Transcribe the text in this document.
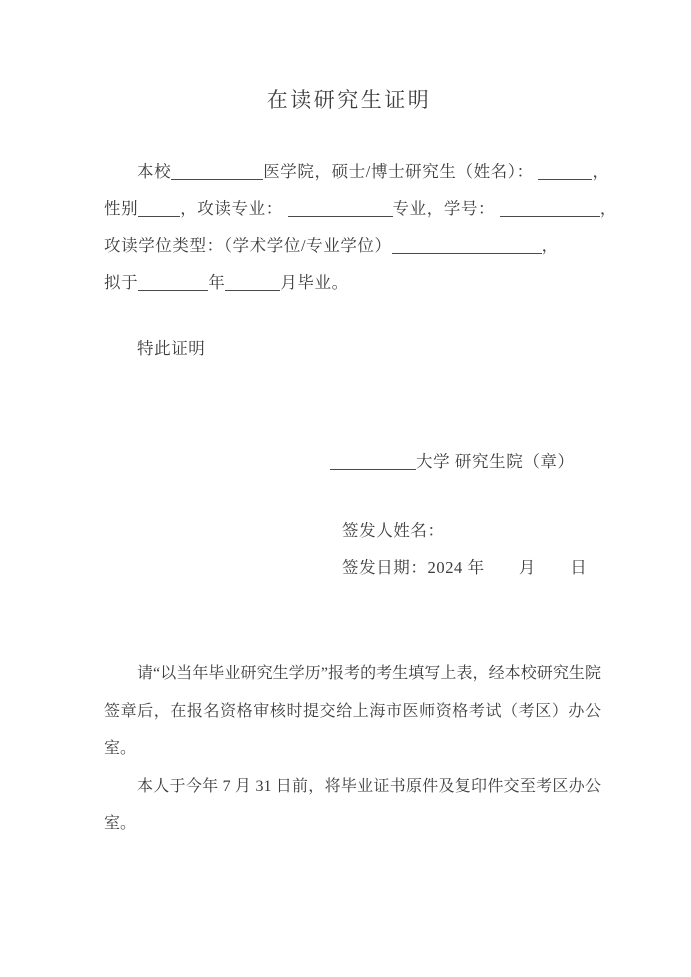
在读研究生证明
本校	医学院，硕士/博士研究生（姓名）：	，
性别	，攻读专业：	专业，学号：	，
攻读学位类型：（学术学位/专业学位）	，
拟于	年	月毕业。
特此证明
大学 研究生院（章）
签发人姓名：
签发日期：2024 年　　月　　日

请“以当年毕业研究生学历”报考的考生填写上表，经本校研究生院签章后，在报名资格审核时提交给上海市医师资格考试（考区）办公室。

本人于今年 7 月 31 日前，将毕业证书原件及复印件交至考区办公室。
